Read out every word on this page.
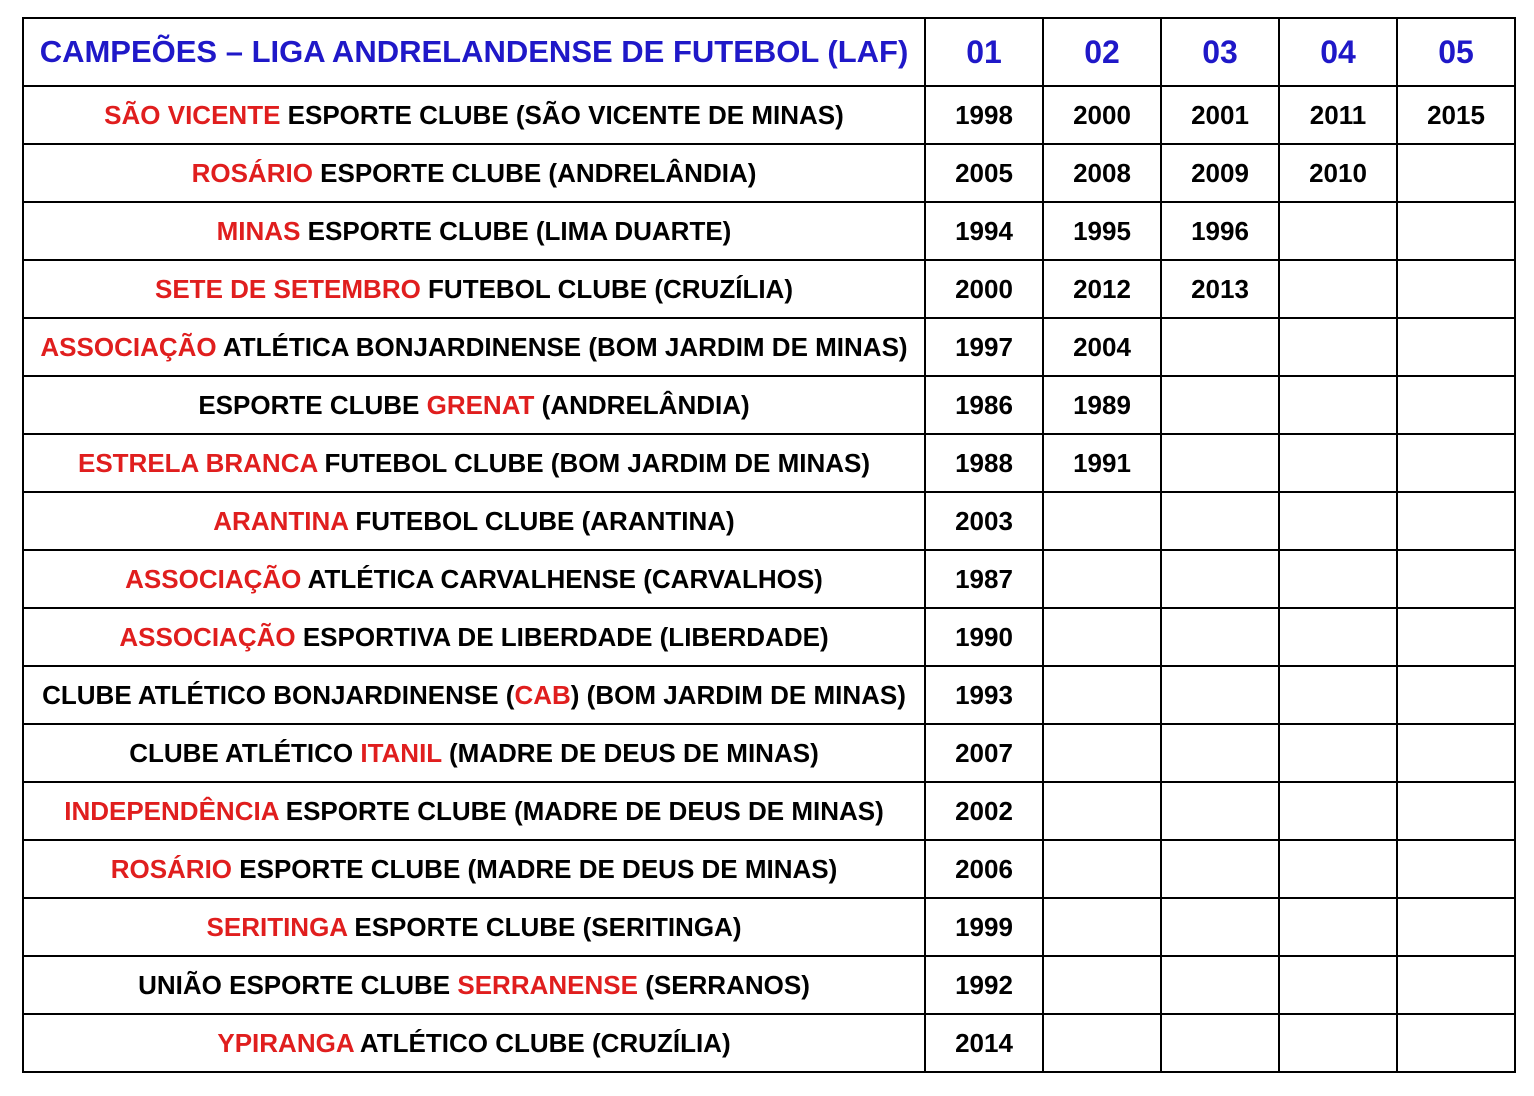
CAMPEÕES – LIGA ANDRELANDENSE DE FUTEBOL (LAF)	01	02	03	04	05
SÃO VICENTE ESPORTE CLUBE (SÃO VICENTE DE MINAS)	1998	2000	2001	2011	2015
ROSÁRIO ESPORTE CLUBE (ANDRELÂNDIA)	2005	2008	2009	2010	
MINAS ESPORTE CLUBE (LIMA DUARTE)	1994	1995	1996		
SETE DE SETEMBRO FUTEBOL CLUBE (CRUZÍLIA)	2000	2012	2013		
ASSOCIAÇÃO ATLÉTICA BONJARDINENSE (BOM JARDIM DE MINAS)	1997	2004			
ESPORTE CLUBE GRENAT (ANDRELÂNDIA)	1986	1989			
ESTRELA BRANCA FUTEBOL CLUBE (BOM JARDIM DE MINAS)	1988	1991			
ARANTINA FUTEBOL CLUBE (ARANTINA)	2003				
ASSOCIAÇÃO ATLÉTICA CARVALHENSE (CARVALHOS)	1987				
ASSOCIAÇÃO ESPORTIVA DE LIBERDADE (LIBERDADE)	1990				
CLUBE ATLÉTICO BONJARDINENSE (CAB) (BOM JARDIM DE MINAS)	1993				
CLUBE ATLÉTICO ITANIL (MADRE DE DEUS DE MINAS)	2007				
INDEPENDÊNCIA ESPORTE CLUBE (MADRE DE DEUS DE MINAS)	2002				
ROSÁRIO ESPORTE CLUBE (MADRE DE DEUS DE MINAS)	2006				
SERITINGA ESPORTE CLUBE (SERITINGA)	1999				
UNIÃO ESPORTE CLUBE SERRANENSE (SERRANOS)	1992				
YPIRANGA ATLÉTICO CLUBE (CRUZÍLIA)	2014				
